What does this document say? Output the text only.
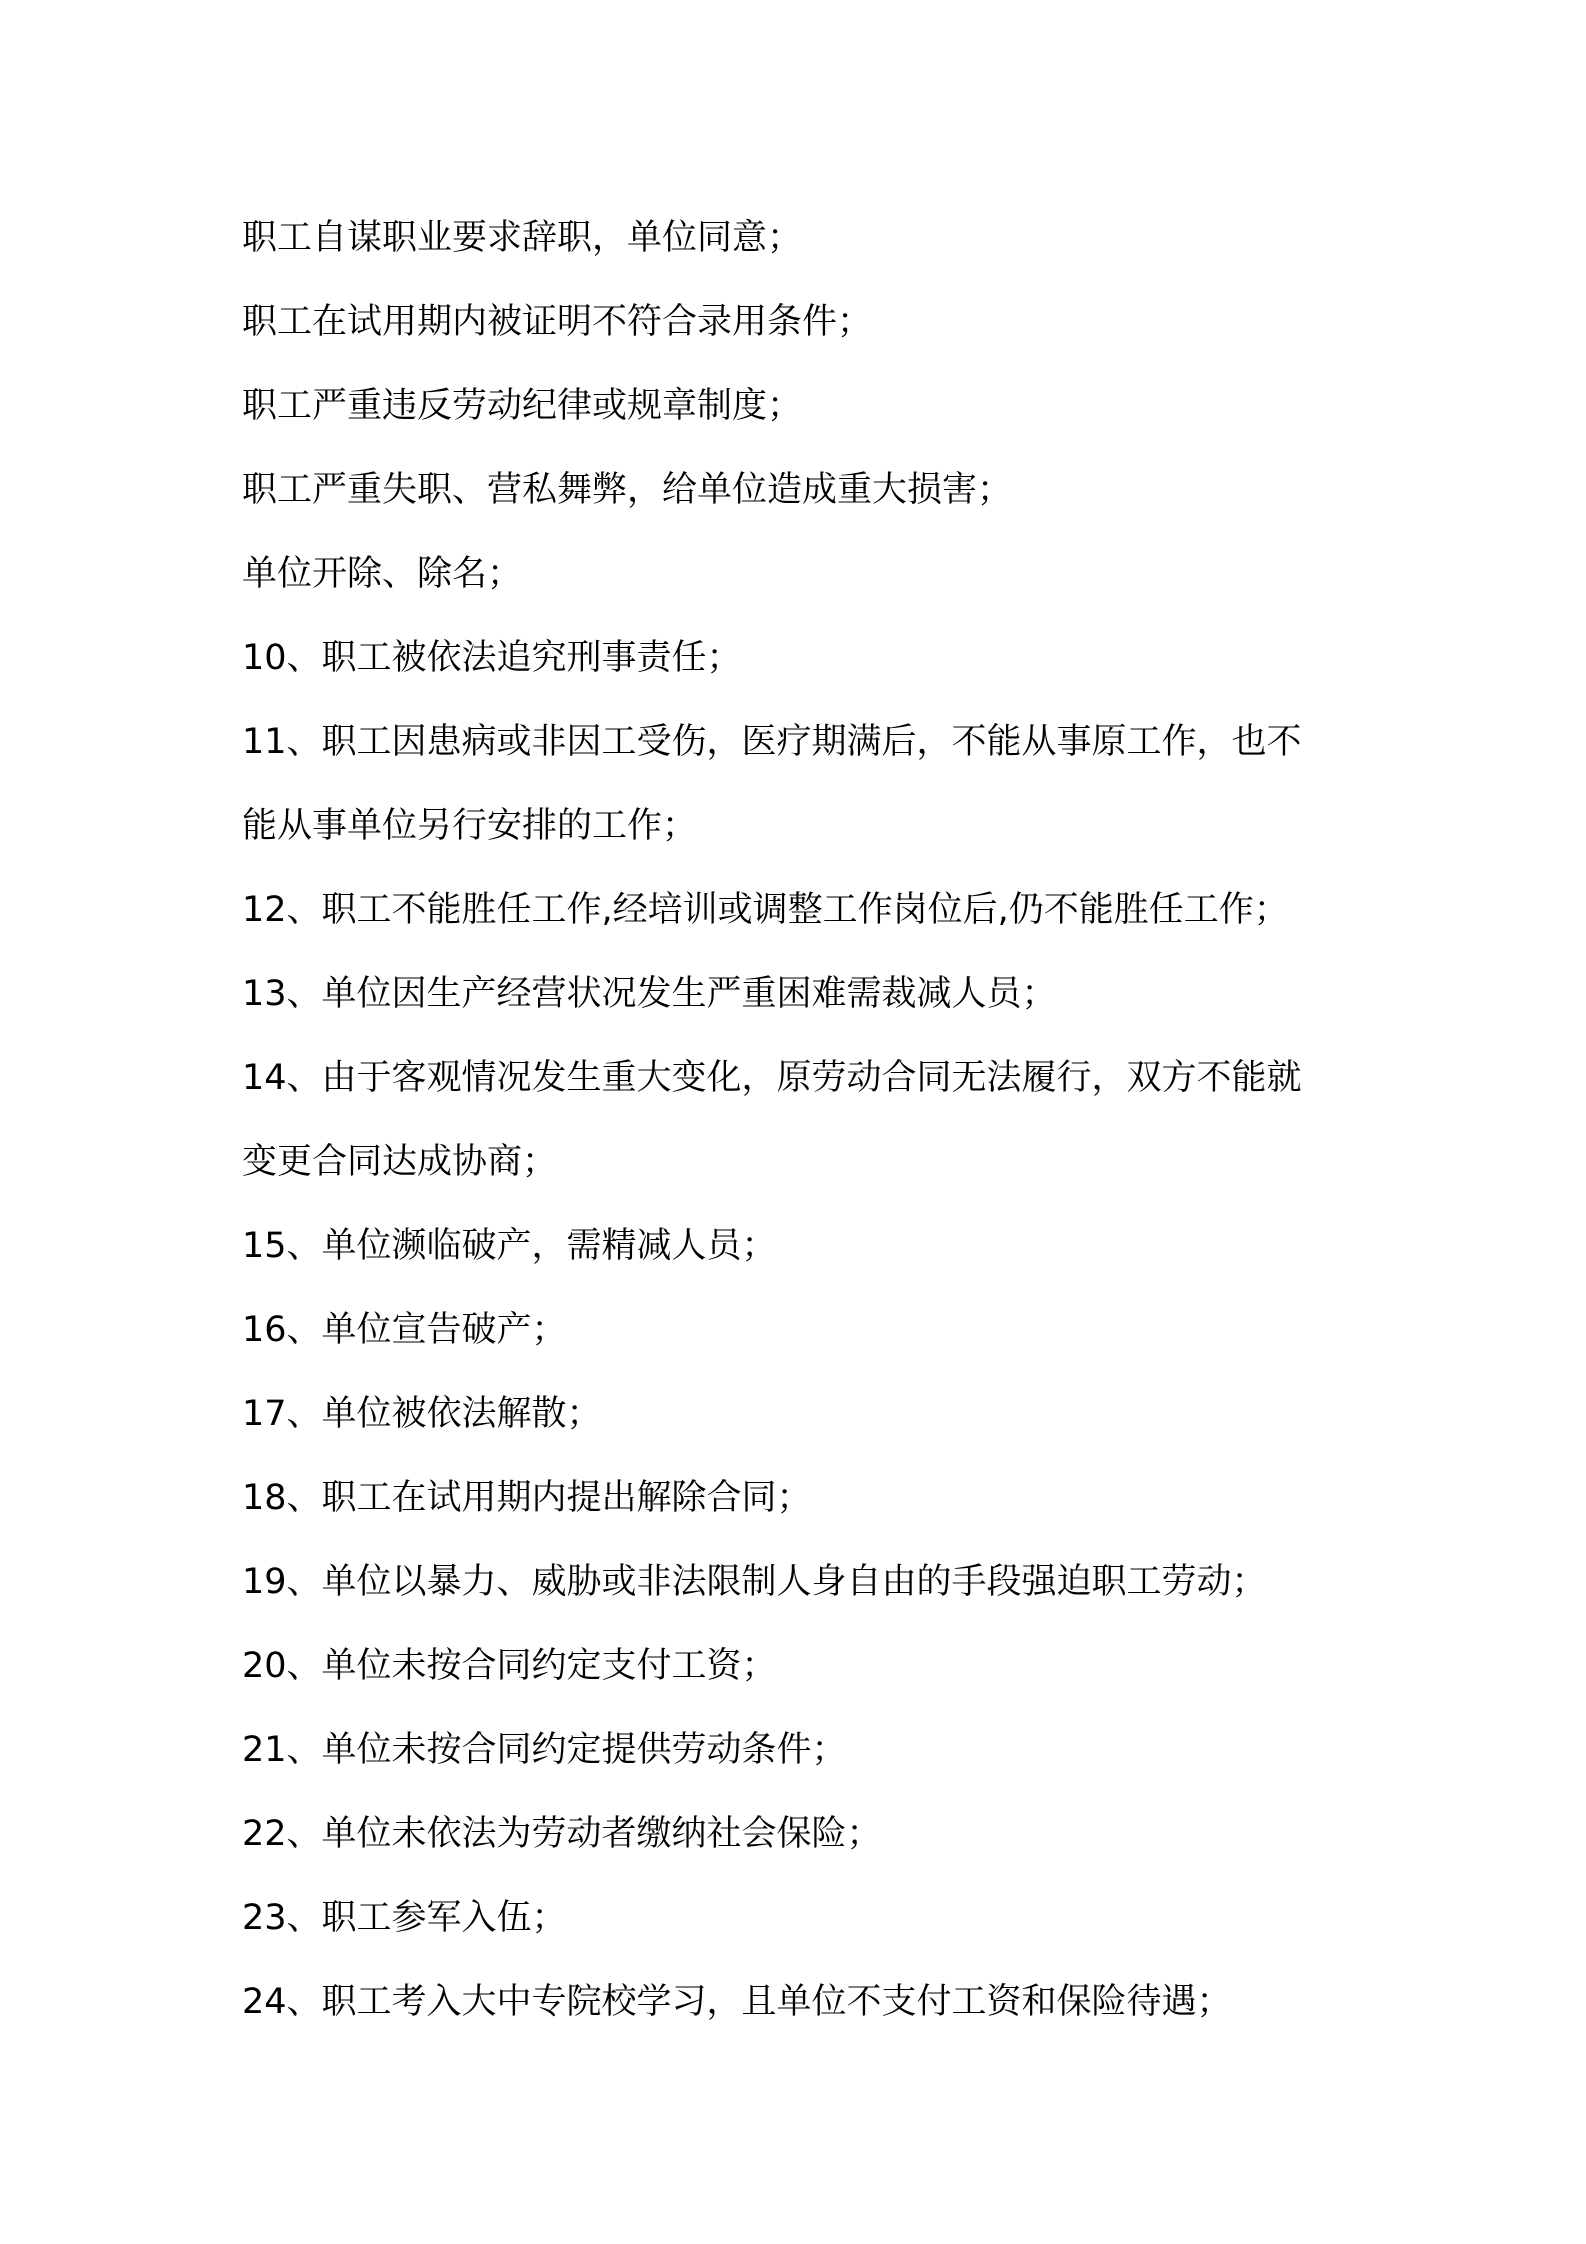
职工自谋职业要求辞职，单位同意；
职工在试用期内被证明不符合录用条件；
职工严重违反劳动纪律或规章制度；
职工严重失职、营私舞弊，给单位造成重大损害；
单位开除、除名；
10、职工被依法追究刑事责任；
11、职工因患病或非因工受伤，医疗期满后，不能从事原工作，也不
能从事单位另行安排的工作；
12、职工不能胜任工作,经培训或调整工作岗位后,仍不能胜任工作；
13、单位因生产经营状况发生严重困难需裁减人员；
14、由于客观情况发生重大变化，原劳动合同无法履行，双方不能就
变更合同达成协商；
15、单位濒临破产，需精减人员；
16、单位宣告破产；
17、单位被依法解散；
18、职工在试用期内提出解除合同；
19、单位以暴力、威胁或非法限制人身自由的手段强迫职工劳动；
20、单位未按合同约定支付工资；
21、单位未按合同约定提供劳动条件；
22、单位未依法为劳动者缴纳社会保险；
23、职工参军入伍；
24、职工考入大中专院校学习，且单位不支付工资和保险待遇；
